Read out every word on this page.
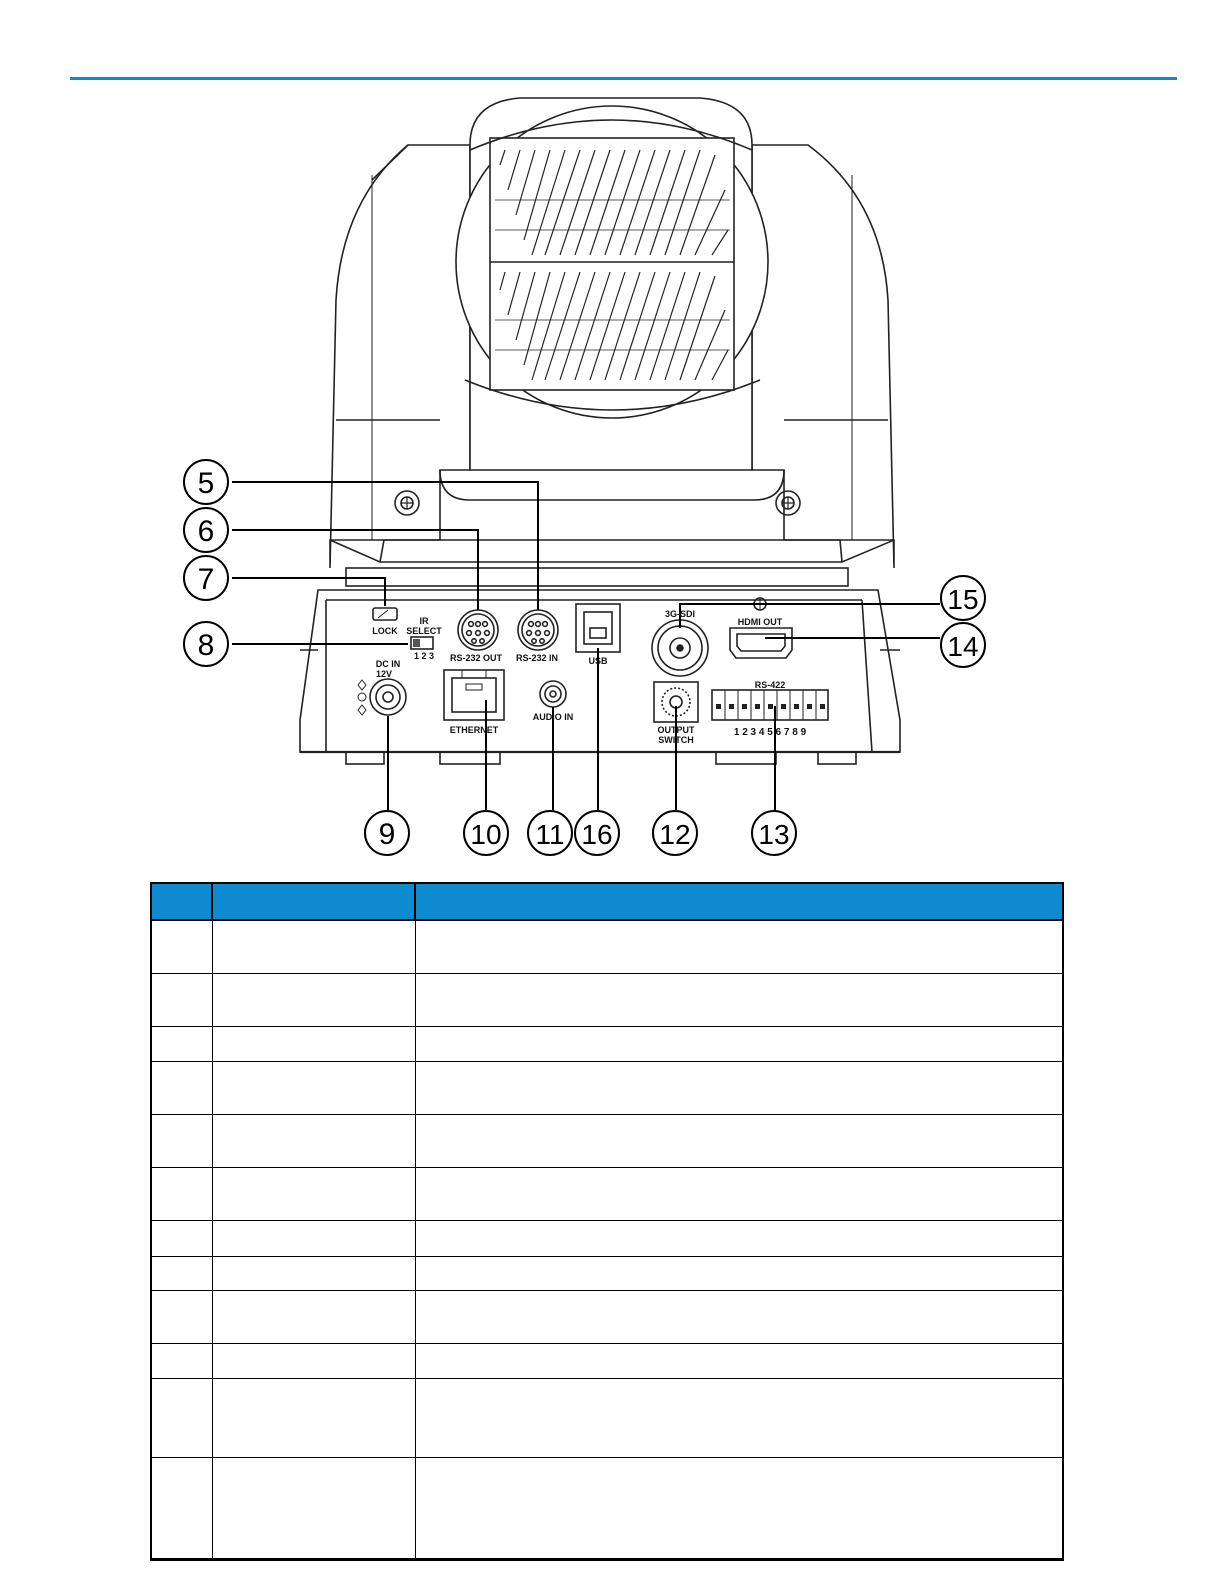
LOCK
IR
SELECT
1 2 3 RS-232 OUT RS-232 IN	USB
3G-SDI
HDMI OUT
DC IN
12V
ETHERNET
AUDIO IN
OUTPUT
SWITCH
RS-422
1 2 3 4 5 6 7 8 9
5
6
7
8
9	10 11 16 12 13
14
15
